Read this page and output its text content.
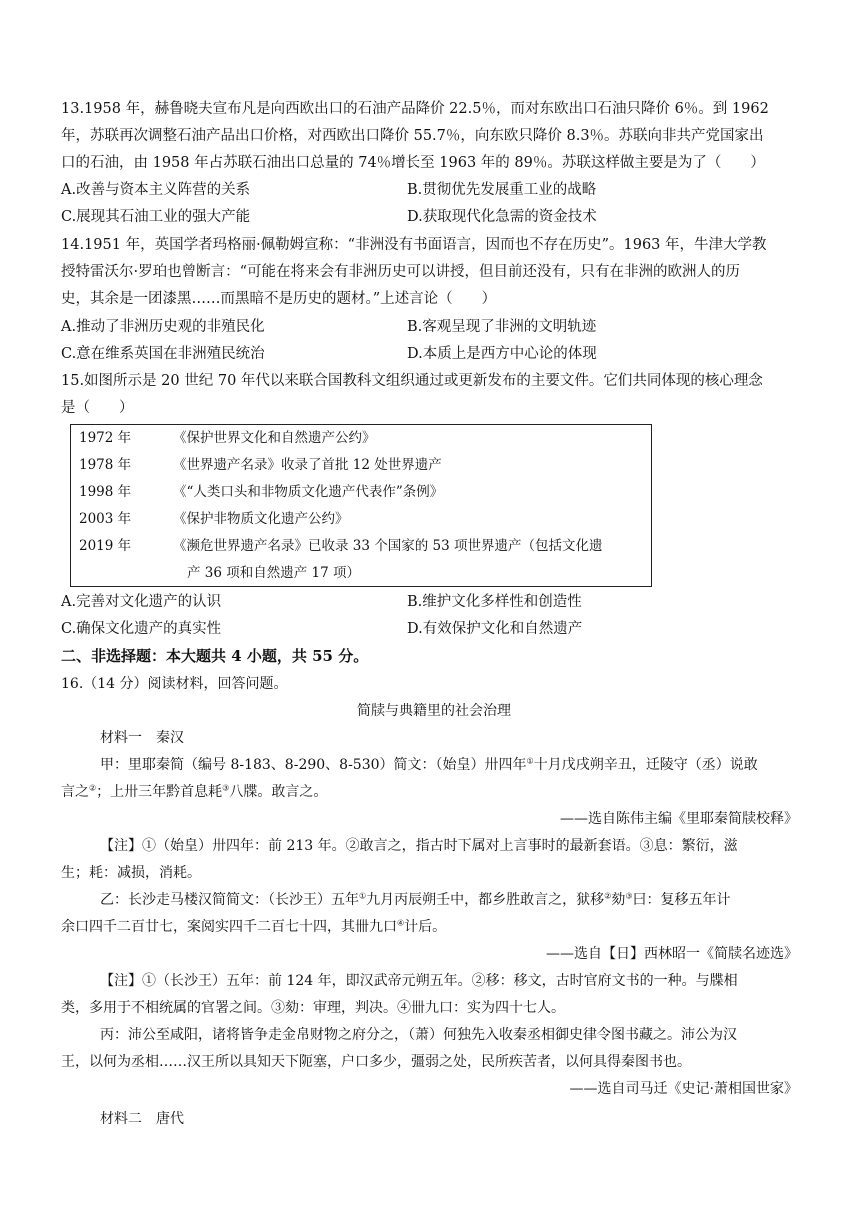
13.1958 年，赫鲁晓夫宣布凡是向西欧出口的石油产品降价 22.5％，而对东欧出口石油只降价 6％。到 1962
年，苏联再次调整石油产品出口价格，对西欧出口降价 55.7％，向东欧只降价 8.3％。苏联向非共产党国家出
口的石油，由 1958 年占苏联石油出口总量的 74％增长至 1963 年的 89％。苏联这样做主要是为了（　　）
A.改善与资本主义阵营的关系	B.贯彻优先发展重工业的战略
C.展现其石油工业的强大产能	D.获取现代化急需的资金技术
14.1951 年，英国学者玛格丽·佩勒姆宣称：“非洲没有书面语言，因而也不存在历史”。1963 年，牛津大学教
授特雷沃尔·罗珀也曾断言：“可能在将来会有非洲历史可以讲授，但目前还没有，只有在非洲的欧洲人的历
史，其余是一团漆黑……而黑暗不是历史的题材。”上述言论（　　）
A.推动了非洲历史观的非殖民化	B.客观呈现了非洲的文明轨迹
C.意在维系英国在非洲殖民统治	D.本质上是西方中心论的体现
15.如图所示是 20 世纪 70 年代以来联合国教科文组织通过或更新发布的主要文件。它们共同体现的核心理念
是（　　）
1972 年	《保护世界文化和自然遗产公约》
1978 年	《世界遗产名录》收录了首批 12 处世界遗产
1998 年	《“人类口头和非物质文化遗产代表作”条例》
2003 年	《保护非物质文化遗产公约》
2019 年	《濒危世界遗产名录》已收录 33 个国家的 53 项世界遗产（包括文化遗
产 36 项和自然遗产 17 项）
A.完善对文化遗产的认识	B.维护文化多样性和创造性
C.确保文化遗产的真实性	D.有效保护文化和自然遗产
二、非选择题：本大题共 4 小题，共 55 分。
16.（14 分）阅读材料，回答问题。
简牍与典籍里的社会治理
材料一　秦汉
甲：里耶秦简（编号 8-183、8-290、8-530）简文：（始皇）卅四年①十月戊戌朔辛丑，迁陵守（丞）说敢
言之②；上卅三年黔首息耗③八牒。敢言之。
——选自陈伟主编《里耶秦简牍校释》
【注】①（始皇）卅四年：前 213 年。②敢言之，指古时下属对上言事时的最新套语。③息：繁衍，滋
生；耗：减损，消耗。
乙：长沙走马楼汉简简文：（长沙王）五年①九月丙辰朔壬中，都乡胜敢言之，狱移②劾③曰：复移五年计
余口四千二百廿七，案阅实四千二百七十四，其卌九口④计后。
——选自【日】西林昭一《简牍名迹选》
【注】①（长沙王）五年：前 124 年，即汉武帝元朔五年。②移：移文，古时官府文书的一种。与牒相
类，多用于不相统属的官署之间。③劾：审理，判决。④卌九口：实为四十七人。
丙：沛公至咸阳，诸将皆争走金帛财物之府分之，（萧）何独先入收秦丞相御史律令图书藏之。沛公为汉
王，以何为丞相……汉王所以具知天下阨塞，户口多少，彊弱之处，民所疾苦者，以何具得秦图书也。
——选自司马迁《史记·萧相国世家》
材料二　唐代
